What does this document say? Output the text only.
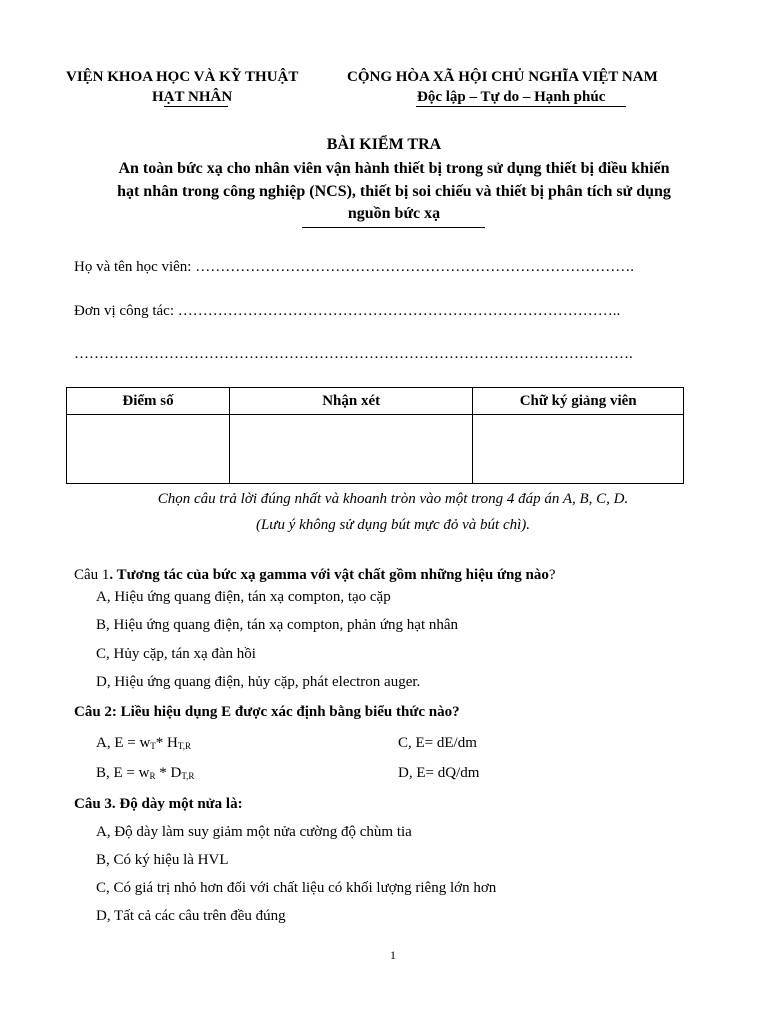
VIỆN KHOA HỌC VÀ KỸ THUẬT
HẠT NHÂN
CỘNG HÒA XÃ HỘI CHỦ NGHĨA VIỆT NAM
Độc lập – Tự do – Hạnh phúc
BÀI KIỂM TRA
An toàn bức xạ cho nhân viên vận hành thiết bị trong sử dụng thiết bị điều khiến
hạt nhân trong công nghiệp (NCS), thiết bị soi chiếu và thiết bị phân tích sử dụng
nguồn bức xạ
Họ và tên học viên: …………………………………………………………………………….
Đơn vị công tác: ……………………………………………………………………………..
………………………………………………………………………………………………….
Điểm số	Nhận xét	Chữ ký giảng viên

Chọn câu trả lời đúng nhất và khoanh tròn vào một trong 4 đáp án A, B, C, D.
(Lưu ý không sử dụng bút mực đỏ và bút chì).
Câu 1. Tương tác của bức xạ gamma với vật chất gồm những hiệu ứng nào?
A, Hiệu ứng quang điện, tán xạ compton, tạo cặp
B, Hiệu ứng quang điện, tán xạ compton, phản ứng hạt nhân
C, Hủy cặp, tán xạ đàn hồi
D, Hiệu ứng quang điện, hủy cặp, phát electron auger.
Câu 2: Liều hiệu dụng E được xác định bằng biểu thức nào?
A, $E = w_T*$ $H_{T,R}$	C, E= dE/dm
B, $E = w_R * D_{T,R}$	D, E= dQ/dm
Câu 3. Độ dày một nửa là:
A, Độ dày làm suy giảm một nửa cường độ chùm tia
B, Có ký hiệu là HVL
C, Có giá trị nhỏ hơn đối với chất liệu có khối lượng riêng lớn hơn
D, Tất cả các câu trên đều đúng
1
